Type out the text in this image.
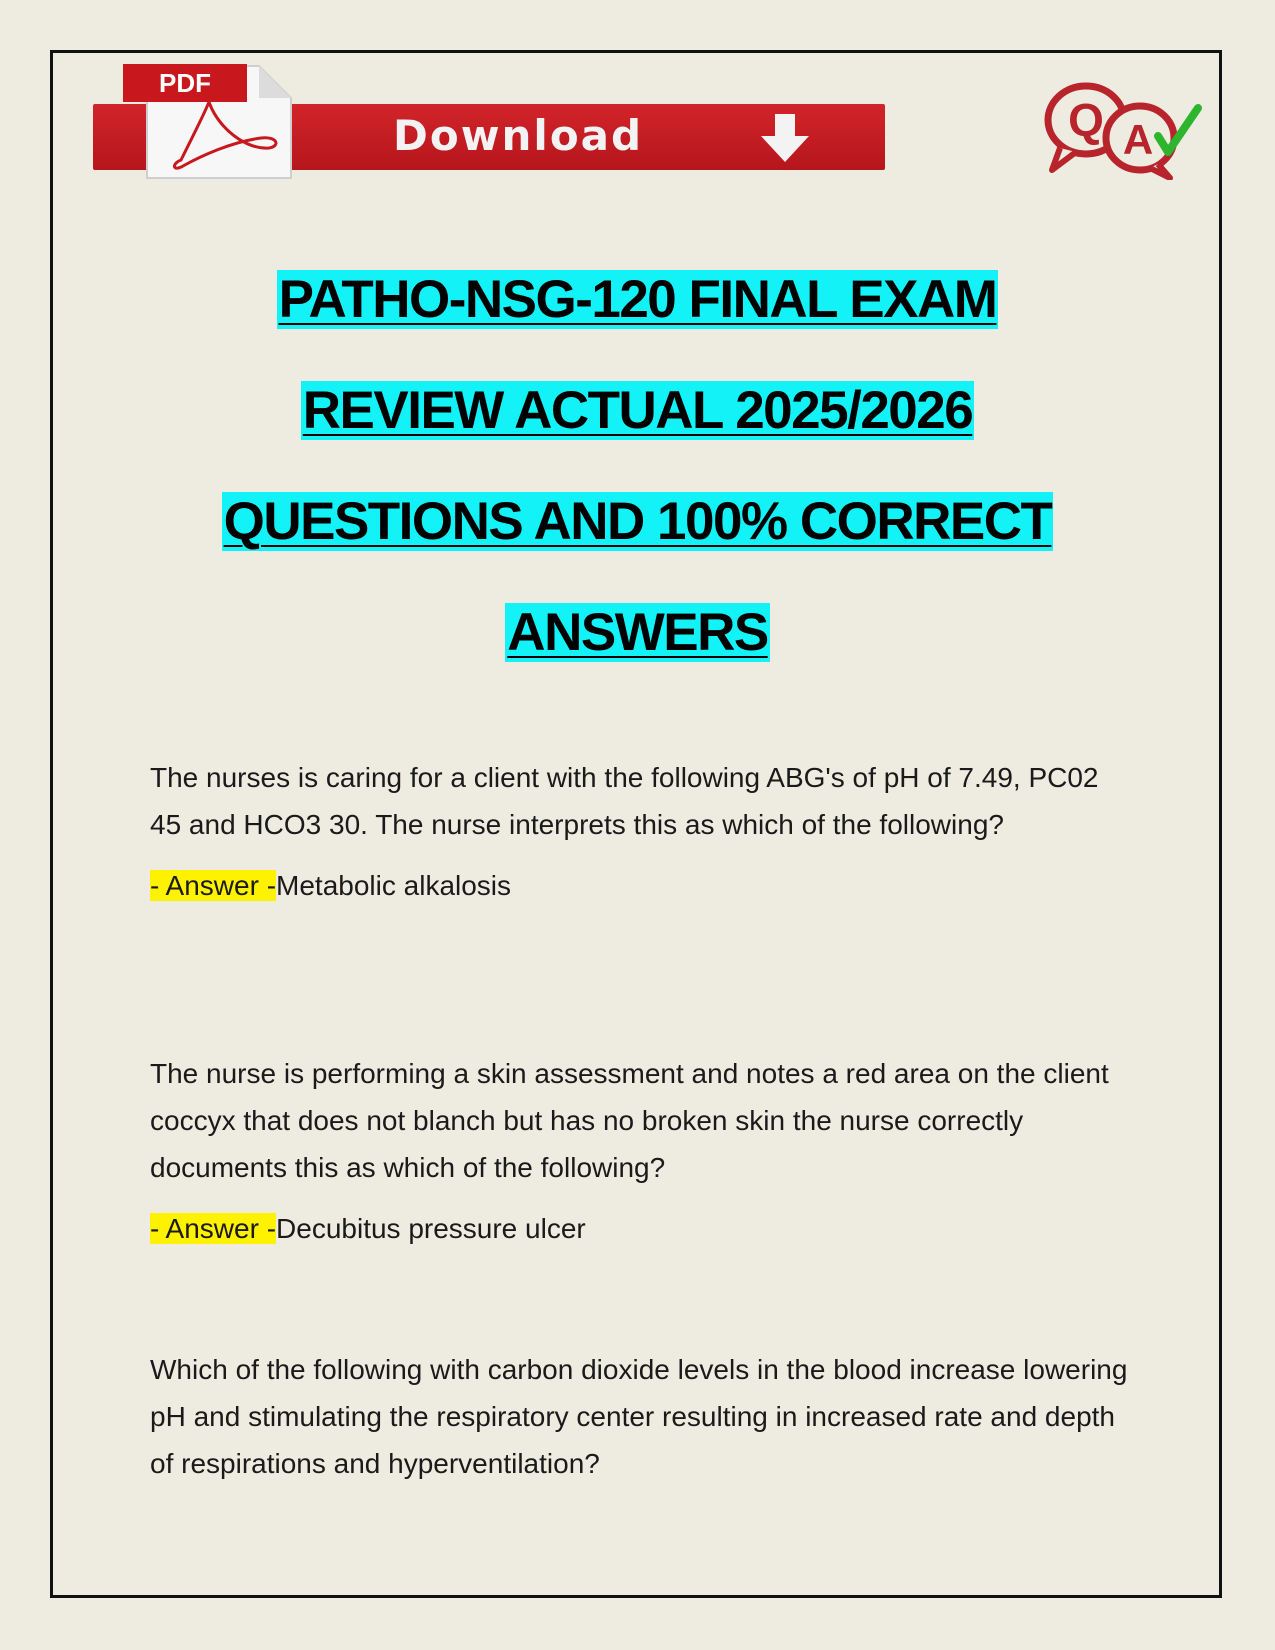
PDF
Download	Q A
PATHO-NSG-120 FINAL EXAM
REVIEW ACTUAL 2025/2026
QUESTIONS AND 100% CORRECT
ANSWERS

The nurses is caring for a client with the following ABG's of pH of 7.49, PC02 45 and HCO3 30. The nurse interprets this as which of the following?

- Answer -Metabolic alkalosis

The nurse is performing a skin assessment and notes a red area on the client coccyx that does not blanch but has no broken skin the nurse correctly documents this as which of the following?

- Answer -Decubitus pressure ulcer

Which of the following with carbon dioxide levels in the blood increase lowering pH and stimulating the respiratory center resulting in increased rate and depth of respirations and hyperventilation?
